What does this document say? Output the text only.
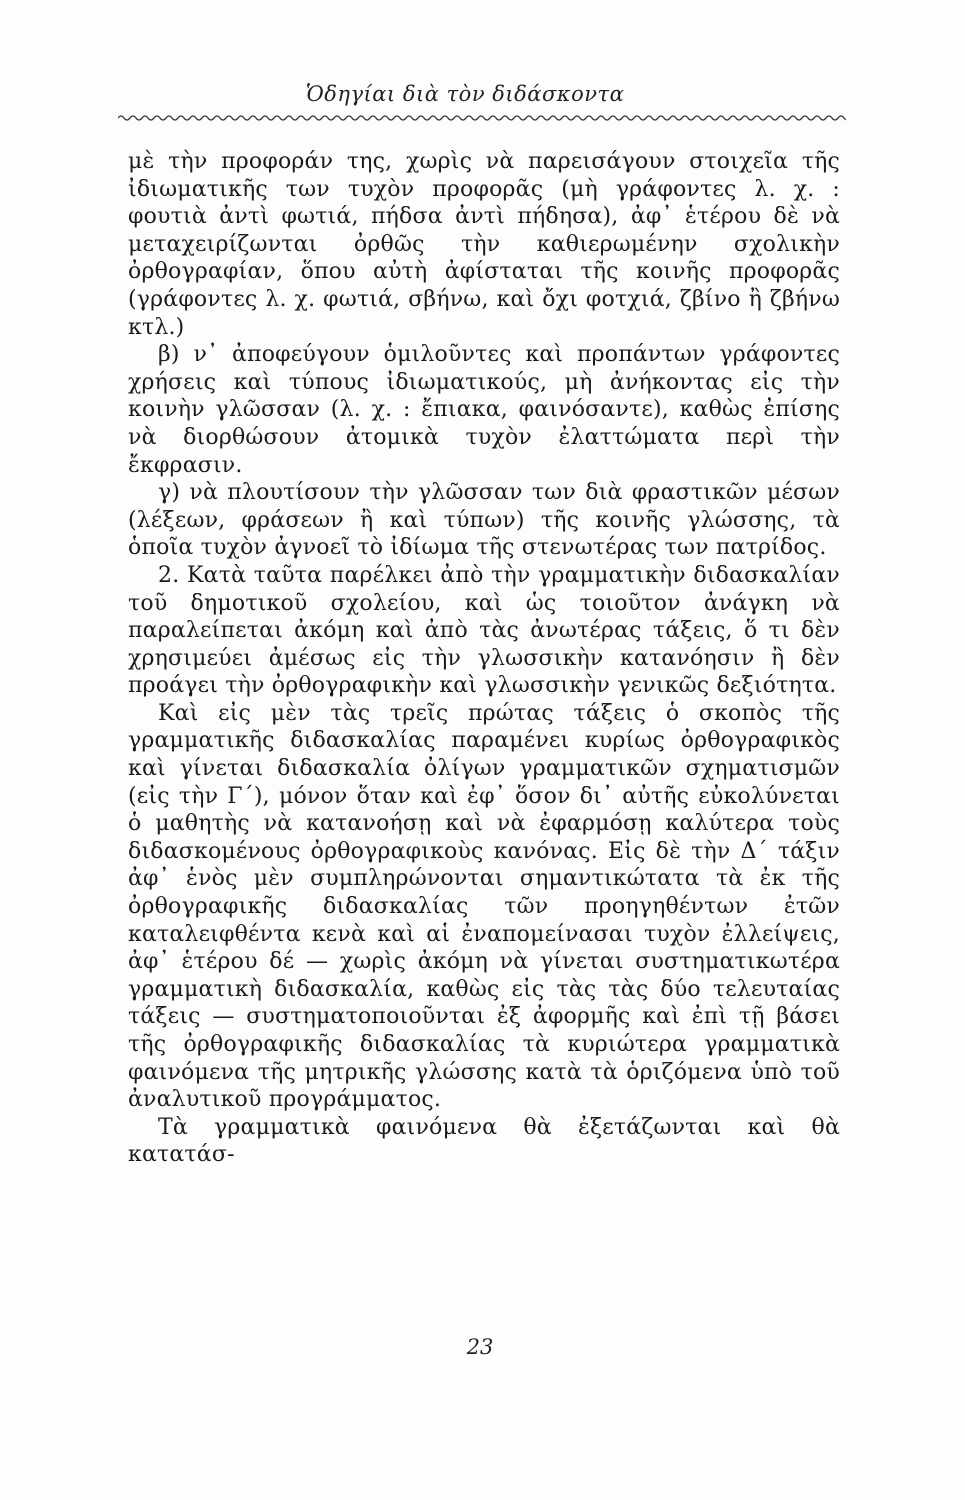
Ὁδηγίαι διὰ τὸν διδάσκοντα

μὲ τὴν προφοράν της, χωρὶς νὰ παρεισάγουν στοιχεῖα τῆς ἰδιωματικῆς των τυχὸν προφορᾶς (μὴ γράφοντες λ. χ. : φουτιὰ ἀντὶ φωτιά, πήδσα ἀντὶ πήδησα), ἀφ᾽ ἑτέρου δὲ νὰ μεταχειρίζωνται ὀρθῶς τὴν καθιερωμένην σχολικὴν ὀρθογραφίαν, ὅπου αὐτὴ ἀφίσταται τῆς κοινῆς προφορᾶς (γράφοντες λ. χ. φωτιά, σβήνω, καὶ ὄχι φοτχιά, ζβίνο ἢ ζβήνω κτλ.)

β) ν᾽ ἀποφεύγουν ὁμιλοῦντες καὶ προπάντων γράφοντες χρήσεις καὶ τύπους ἰδιωματικούς, μὴ ἀνήκοντας εἰς τὴν κοινὴν γλῶσσαν (λ. χ. : ἔπιακα, φαινόσαντε), καθὼς ἐπίσης νὰ διορθώσουν ἀτομικὰ τυχὸν ἐλαττώματα περὶ τὴν ἔκφρασιν.

γ) νὰ πλουτίσουν τὴν γλῶσσαν των διὰ φραστικῶν μέσων (λέξεων, φράσεων ἢ καὶ τύπων) τῆς κοινῆς γλώσσης, τὰ ὁποῖα τυχὸν ἀγνοεῖ τὸ ἰδίωμα τῆς στενωτέρας των πατρίδος.

2. Κατὰ ταῦτα παρέλκει ἀπὸ τὴν γραμματικὴν διδασκαλίαν τοῦ δημοτικοῦ σχολείου, καὶ ὡς τοιοῦτον ἀνάγκη νὰ παραλείπεται ἀκόμη καὶ ἀπὸ τὰς ἀνωτέρας τάξεις, ὅ τι δὲν χρησιμεύει ἀμέσως εἰς τὴν γλωσσικὴν κατανόησιν ἢ δὲν προάγει τὴν ὀρθογραφικὴν καὶ γλωσσικὴν γενικῶς δεξιότητα.

Καὶ εἰς μὲν τὰς τρεῖς πρώτας τάξεις ὁ σκοπὸς τῆς γραμματικῆς διδασκαλίας παραμένει κυρίως ὀρθογραφικὸς καὶ γίνεται διδασκαλία ὀλίγων γραμματικῶν σχηματισμῶν (εἰς τὴν Γ´), μόνον ὅταν καὶ ἐφ᾽ ὅσον δι᾽ αὐτῆς εὐκολύνεται ὁ μαθητὴς νὰ κατανοήσῃ καὶ νὰ ἐφαρμόσῃ καλύτερα τοὺς διδασκομένους ὀρθογραφικοὺς κανόνας. Εἰς δὲ τὴν Δ´ τάξιν ἀφ᾽ ἑνὸς μὲν συμπληρώνονται σημαντικώτατα τὰ ἐκ τῆς ὀρθογραφικῆς διδασκαλίας τῶν προηγηθέντων ἐτῶν καταλειφθέντα κενὰ καὶ αἱ ἐναπομείνασαι τυχὸν ἐλλείψεις, ἀφ᾽ ἑτέρου δέ — χωρὶς ἀκόμη νὰ γίνεται συστηματικωτέρα γραμματικὴ διδασκαλία, καθὼς εἰς τὰς τὰς δύο τελευταίας τάξεις — συστηματοποιοῦνται ἐξ ἀφορμῆς καὶ ἐπὶ τῇ βάσει τῆς ὀρθογραφικῆς διδασκαλίας τὰ κυριώτερα γραμματικὰ φαινόμενα τῆς μητρικῆς γλώσσης κατὰ τὰ ὁριζόμενα ὑπὸ τοῦ ἀναλυτικοῦ προγράμματος.

Τὰ γραμματικὰ φαινόμενα θὰ ἐξετάζωνται καὶ θὰ κατατάσ-

23
